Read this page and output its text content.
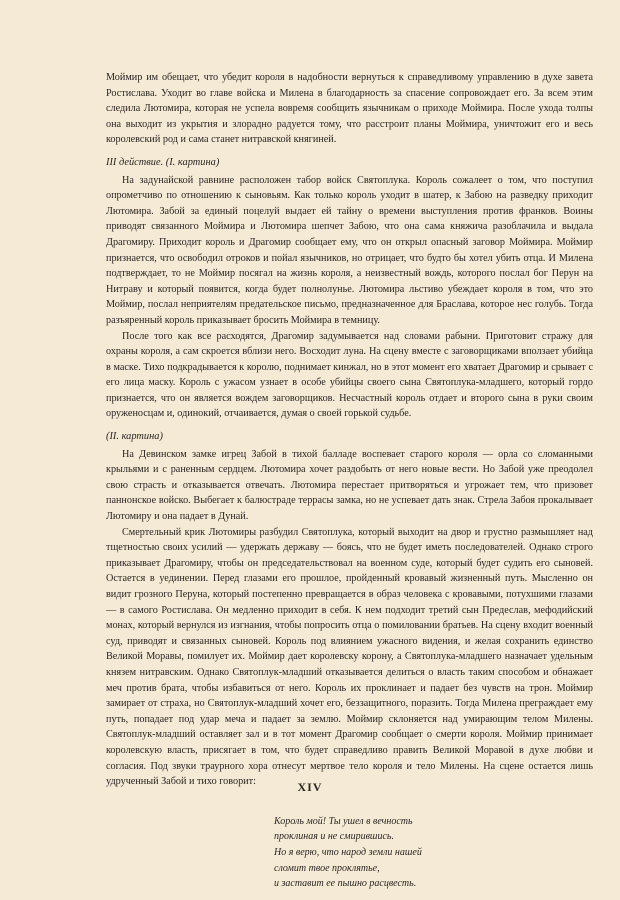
Моймир им обещает, что убедит короля в надобности вернуться к справедливому управлению в духе завета Ростислава. Уходит во главе войска и Милена в благодарность за спасение сопровождает его. За всем этим следила Лютомира, которая не успела вовремя сообщить язычникам о приходе Моймира. После ухода толпы она выходит из укрытия и злорадно радуется тому, что расстроит планы Моймира, уничтожит его и весь королевский род и сама станет нитравской княгиней.

III действие. (I. картина)

На задунайской равнине расположен табор войск Святоплука. Король сожалеет о том, что поступил опрометчиво по отношению к сыновьям. Как только король уходит в шатер, к Забою на разведку приходит Лютомира. Забой за единый поцелуй выдает ей тайну о времени выступления против франков. Воины приводят связанного Моймира и Лютомира шепчет Забою, что она сама княжича разоблачила и выдала Драгомиру. Приходит король и Драгомир сообщает ему, что он открыл опасный заговор Моймира. Моймир признается, что освободил отроков и пойал язычников, но отрицает, что будто бы хотел убить отца. И Милена подтверждает, то не Моймир посягал на жизнь короля, а неизвестный вождь, которого послал бог Перун на Нитраву и который появится, когда будет полнолунье. Лютомира льстиво убеждает короля в том, что это Моймир, послал неприятелям предательское письмо, предназначенное для Браслава, которое нес голубь. Тогда разъяренный король приказывает бросить Моймира в темницу.

После того как все расходятся, Драгомир задумывается над словами рабыни. Приготовит стражу для охраны короля, а сам скроется вблизи него. Восходит луна. На сцену вместе с заговорщиками вползает убийца в маске. Тихо подкрадывается к королю, поднимает кинжал, но в этот момент его хватает Драгомир и срывает с его лица маску. Король с ужасом узнает в особе убийцы своего сына Святоплука-младшего, который гордо признается, что он является вождем заговорщиков. Несчастный король отдает и второго сына в руки своим оруженосцам и, одинокий, отчаивается, думая о своей горькой судьбе.

(II. картина)

На Девинском замке игрец Забой в тихой балладе воспевает старого короля — орла со сломанными крыльями и с раненным сердцем. Лютомира хочет раздобыть от него новые вести. Но Забой уже преодолел свою страсть и отказывается отвечать. Лютомира перестает притворяться и угрожает тем, что призовет паннонское войско. Выбегает к балюстраде террасы замка, но не успевает дать знак. Стрела Забоя прокалывает Лютомиру и она падает в Дунай.

Смертельный крик Лютомиры разбудил Святоплука, который выходит на двор и грустно размышляет над тщетностью своих усилий — удержать державу — боясь, что не будет иметь последователей. Однако строго приказывает Драгомиру, чтобы он председательствовал на военном суде, который будет судить его сыновей. Остается в уединении. Перед глазами его прошлое, пройденный кровавый жизненный путь. Мысленно он видит грозного Перуна, который постепенно превращается в образ человека с кровавыми, потухшими глазами — в самого Ростислава. Он медленно приходит в себя. К нем подходит третий сын Предеслав, мефодийский монах, который вернулся из изгнания, чтобы попросить отца о помиловании братьев. На сцену входит военный суд, приводят и связанных сыновей. Король под влиянием ужасного видения, и желая сохранить единство Великой Моравы, помилует их. Моймир дает королевску корону, а Святоплука-младшего назначает удельным князем нитравским. Однако Святоплук-младший отказывается делиться о власть таким способом и обнажает меч против брата, чтобы избавиться от него. Король их проклинает и падает без чувств на трон. Моймир замирает от страха, но Святоплук-младший хочет его, беззащитного, поразить. Тогда Милена преграждает ему путь, попадает под удар меча и падает за землю. Моймир склоняется над умирающим телом Милены. Святоплук-младший оставляет зал и в тот момент Драгомир сообщает о смерти короля. Моймир принимает королевскую власть, присягает в том, что будет справедливо править Великой Моравой в духе любви и согласия. Под звуки траурного хора отнесут мертвое тело короля и тело Милены. На сцене остается лишь удрученный Забой и тихо говорит:

Король мой! Ты ушел в вечность
проклиная и не смирившись.
Но я верю, что народ земли нашей
сломит твое проклятье,
и заставит ее пышно расцвесть.
XIV
